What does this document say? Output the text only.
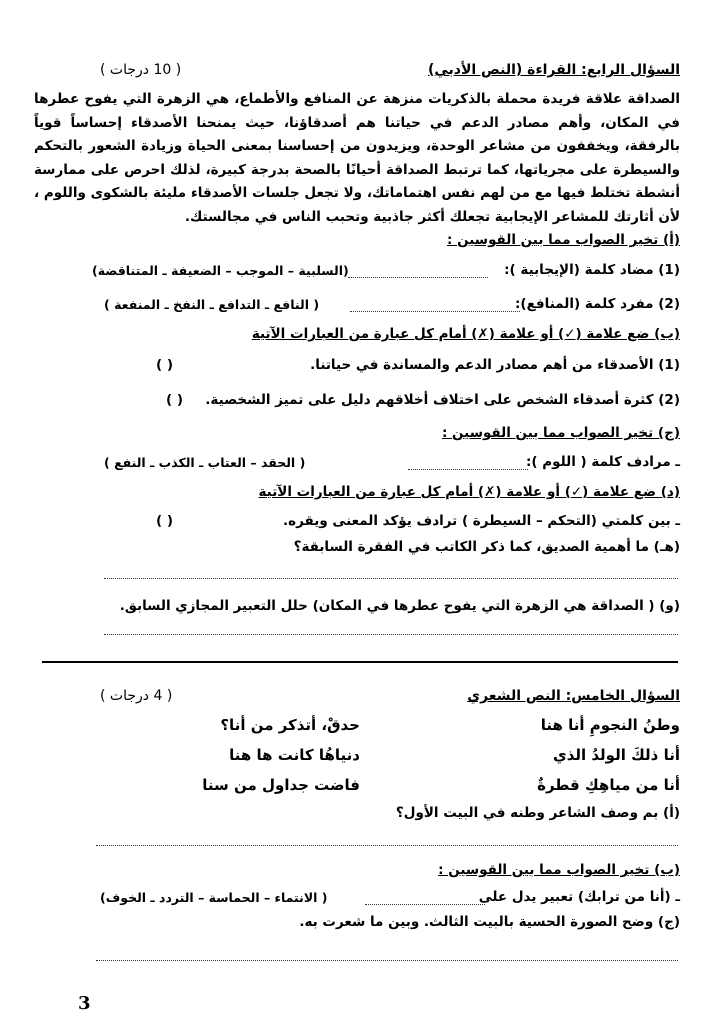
السؤال الرابع: القراءة (النص الأدبي)
( 10 درجات )
الصداقة علاقة فريدة محملة بالذكريات منزهة عن المنافع والأطماع، هي الزهرة التي يفوح عطرها في المكان، وأهم مصادر الدعم في حياتنا هم أصدقاؤنا، حيث يمنحنا الأصدقاء إحساساً قوياً بالرفقة، ويخففون من مشاعر الوحدة، ويزيدون من إحساسنا بمعنى الحياة وزيادة الشعور بالتحكم والسيطرة على مجرياتها، كما ترتبط الصداقة أحيانًا بالصحة بدرجة كبيرة، لذلك احرص على ممارسة أنشطة تختلط فيها مع من لهم نفس اهتماماتك، ولا تجعل جلسات الأصدقاء مليئة بالشكوى واللوم ، لأن أثارتك للمشاعر الإيجابية تجعلك أكثر جاذبية وتحبب الناس في مجالستك.
(أ) تخير الصواب مما بين القوسين :
(1) مضاد كلمة (الإيجابية ):
(السلبية – الموجب – الضعيفة ـ المتناقضة)
(2) مفرد كلمة (المنافع):
( النافع ـ التدافع ـ النفخ ـ المنفعة )
(ب) ضع علامة (✓) أو علامة (✗) أمام كل عبارة من العبارات الآتية
(1) الأصدقاء من أهم مصادر الدعم والمساندة في حياتنا.
( )
(2) كثرة أصدقاء الشخص على اختلاف أخلاقهم دليل على تميز الشخصية.
( )
(ج) تخير الصواب مما بين القوسين :
ـ مرادف كلمة ( اللوم ):
( الحقد – العتاب ـ الكذب ـ النفع )
(د) ضع علامة (✓) أو علامة (✗) أمام كل عبارة من العبارات الآتية
ـ بين كلمتي (التحكم – السيطرة ) ترادف يؤكد المعنى ويقره.
( )
(هـ) ما أهمية الصديق، كما ذكر الكاتب في الفقرة السابقة؟
(و) ( الصداقة هي الزهرة التي يفوح عطرها في المكان) حلل التعبير المجازي السابق.
السؤال الخامس: النص الشعري
( 4 درجات )
وطنُ النجومِ أنا هنا
حدقْ، أتذكر من أنا؟
أنا ذلكَ الولدُ الذي
دنياهُا كانت ها هنا
أنا من مياهِكِ قطرةٌ
فاضت جداول من سنا
(أ) بم وصف الشاعر وطنه في البيت الأول؟
(ب) تخير الصواب مما بين القوسين :
ـ (أنا من ترابك) تعبير يدل على
( الانتماء – الحماسة – التردد ـ الخوف)
(ج) وضح الصورة الحسية بالبيت الثالث. وبين ما شعرت به.
3
